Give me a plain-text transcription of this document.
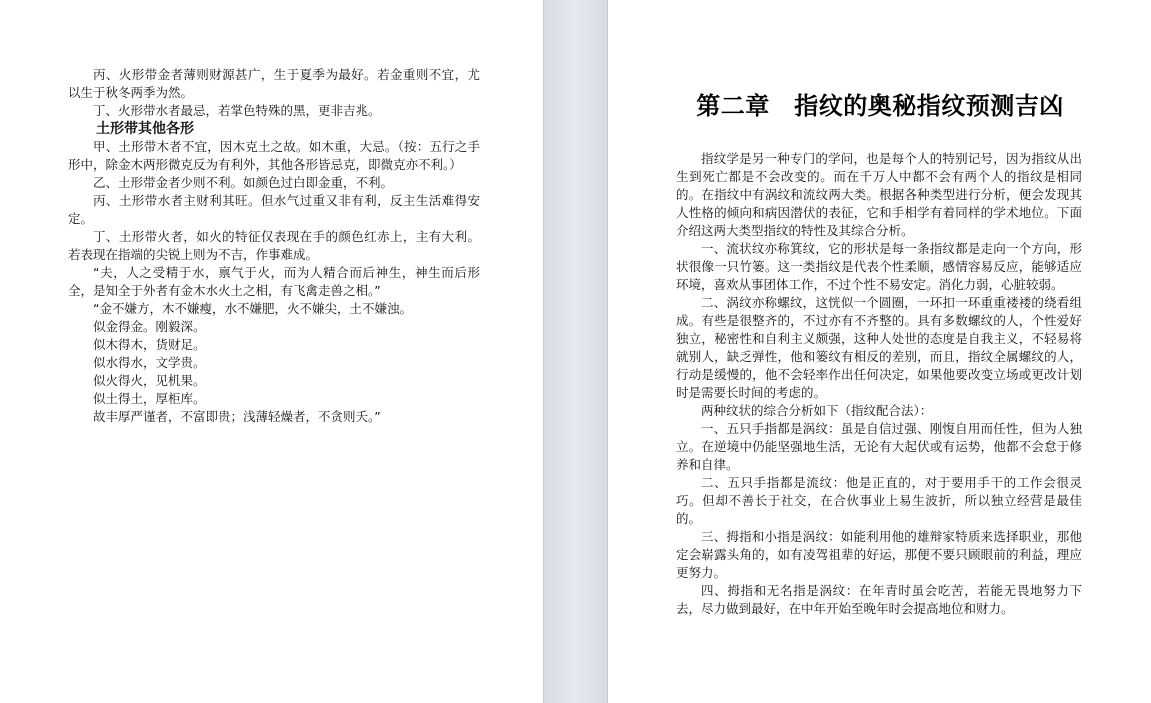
丙、火形带金者薄则财源甚广，生于夏季为最好。若金重则不宜，尤以生于秋冬两季为然。

丁、火形带水者最忌，若掌色特殊的黑，更非吉兆。

土形带其他各形

甲、土形带木者不宜，因木克土之故。如木重，大忌。（按：五行之手形中，除金木两形微克反为有利外，其他各形皆忌克，即微克亦不利。）

乙、土形带金者少则不利。如颜色过白即金重，不利。

丙、土形带水者主财利其旺。但水气过重又非有利，反主生活难得安定。

丁、土形带火者，如火的特征仅表现在手的颜色红赤上，主有大利。若表现在指端的尖锐上则为不吉，作事难成。

“夫，人之受精于水，禀气于火，而为人精合而后神生，神生而后形全，是知全于外者有金木水火土之相，有飞禽走兽之相。”

“金不嫌方，木不嫌瘦，水不嫌肥，火不嫌尖，土不嫌浊。

似金得金。刚毅深。

似木得木，货财足。

似水得水，文学贵。

似火得火，见机果。

似土得土，厚柜库。

故丰厚严谨者，不富即贵；浅薄轻燥者，不贪则夭。”

第二章　指纹的奥秘指纹预测吉凶

指纹学是另一种专门的学问，也是每个人的特别记号，因为指纹从出生到死亡都是不会改变的。而在千万人中都不会有两个人的指纹是相同的。在指纹中有涡纹和流纹两大类。根据各种类型进行分析，便会发现其人性格的倾向和病因潜伏的表征，它和手相学有着同样的学术地位。下面介绍这两大类型指纹的特性及其综合分析。

一、流状纹亦称箕纹，它的形状是每一条指纹都是走向一个方向，形状很像一只竹篓。这一类指纹是代表个性柔顺，感情容易反应，能够适应环境，喜欢从事团体工作，不过个性不易安定。消化力弱，心脏较弱。

二、涡纹亦称螺纹，这恍似一个圆圈，一环扣一环重重褛褛的绕看组成。有些是很整齐的，不过亦有不齐整的。具有多数螺纹的人，个性爱好独立，秘密性和自利主义颇强，这种人处世的态度是自我主义，不轻易将就别人，缺乏弹性，他和篓纹有相反的差别，而且，指纹全属螺纹的人，行动是缓慢的，他不会轻率作出任何决定，如果他要改变立场或更改计划时是需要长时间的考虑的。

两种纹状的综合分析如下（指纹配合法）：

一、五只手指都是涡纹：虽是自信过强、刚愎自用而任性，但为人独立。在逆境中仍能坚强地生活，无论有大起伏或有运势，他都不会怠于修养和自律。

二、五只手指都是流纹：他是正直的，对于要用手干的工作会很灵巧。但却不善长于社交，在合伙事业上易生波折，所以独立经营是最佳的。

三、拇指和小指是涡纹：如能利用他的雄辩家特质来选择职业，那他定会崭露头角的，如有凌驾祖辈的好运，那便不要只顾眼前的利益，理应更努力。

四、拇指和无名指是涡纹：在年青时虽会吃苦，若能无畏地努力下去，尽力做到最好，在中年开始至晚年时会提高地位和财力。
